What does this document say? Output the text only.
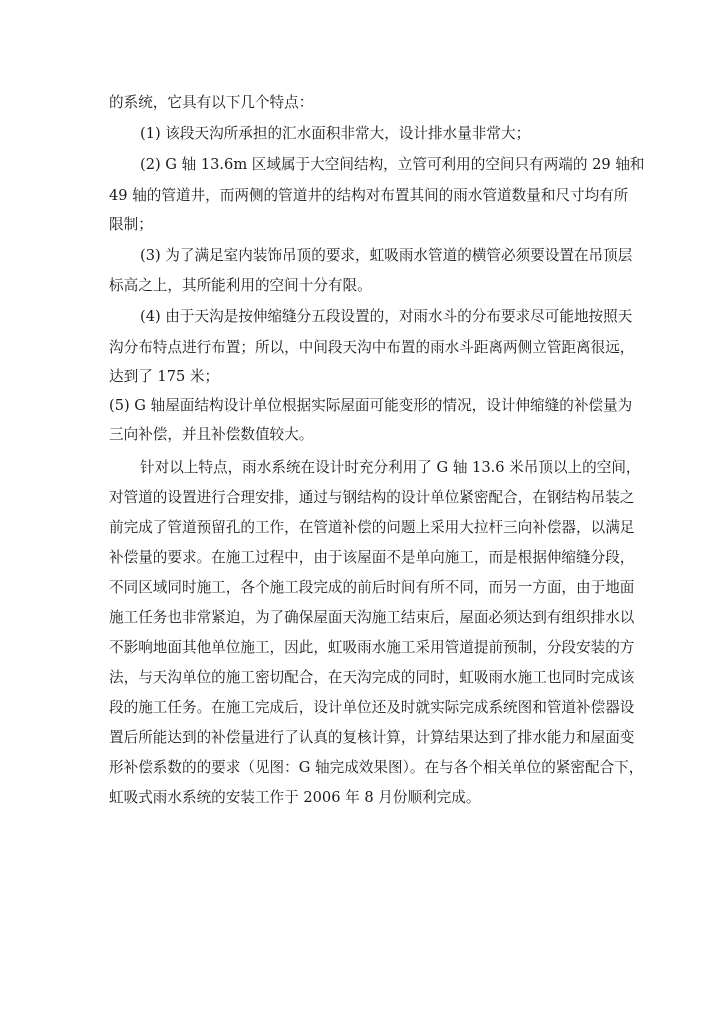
的系统，它具有以下几个特点：
(1) 该段天沟所承担的汇水面积非常大，设计排水量非常大；
(2) G 轴 13.6m 区域属于大空间结构，立管可利用的空间只有两端的 29 轴和
49 轴的管道井，而两侧的管道井的结构对布置其间的雨水管道数量和尺寸均有所
限制；
(3) 为了满足室内装饰吊顶的要求，虹吸雨水管道的横管必须要设置在吊顶层
标高之上，其所能利用的空间十分有限。
(4) 由于天沟是按伸缩缝分五段设置的，对雨水斗的分布要求尽可能地按照天
沟分布特点进行布置；所以，中间段天沟中布置的雨水斗距离两侧立管距离很远，
达到了 175 米；
(5) G 轴屋面结构设计单位根据实际屋面可能变形的情况，设计伸缩缝的补偿量为
三向补偿，并且补偿数值较大。
针对以上特点，雨水系统在设计时充分利用了 G 轴 13.6 米吊顶以上的空间，
对管道的设置进行合理安排，通过与钢结构的设计单位紧密配合，在钢结构吊装之
前完成了管道预留孔的工作，在管道补偿的问题上采用大拉杆三向补偿器，以满足
补偿量的要求。在施工过程中，由于该屋面不是单向施工，而是根据伸缩缝分段，
不同区域同时施工，各个施工段完成的前后时间有所不同，而另一方面，由于地面
施工任务也非常紧迫，为了确保屋面天沟施工结束后，屋面必须达到有组织排水以
不影响地面其他单位施工，因此，虹吸雨水施工采用管道提前预制，分段安装的方
法，与天沟单位的施工密切配合，在天沟完成的同时，虹吸雨水施工也同时完成该
段的施工任务。在施工完成后，设计单位还及时就实际完成系统图和管道补偿器设
置后所能达到的补偿量进行了认真的复核计算，计算结果达到了排水能力和屋面变
形补偿系数的的要求（见图：G 轴完成效果图）。在与各个相关单位的紧密配合下，
虹吸式雨水系统的安装工作于 2006 年 8 月份顺利完成。
